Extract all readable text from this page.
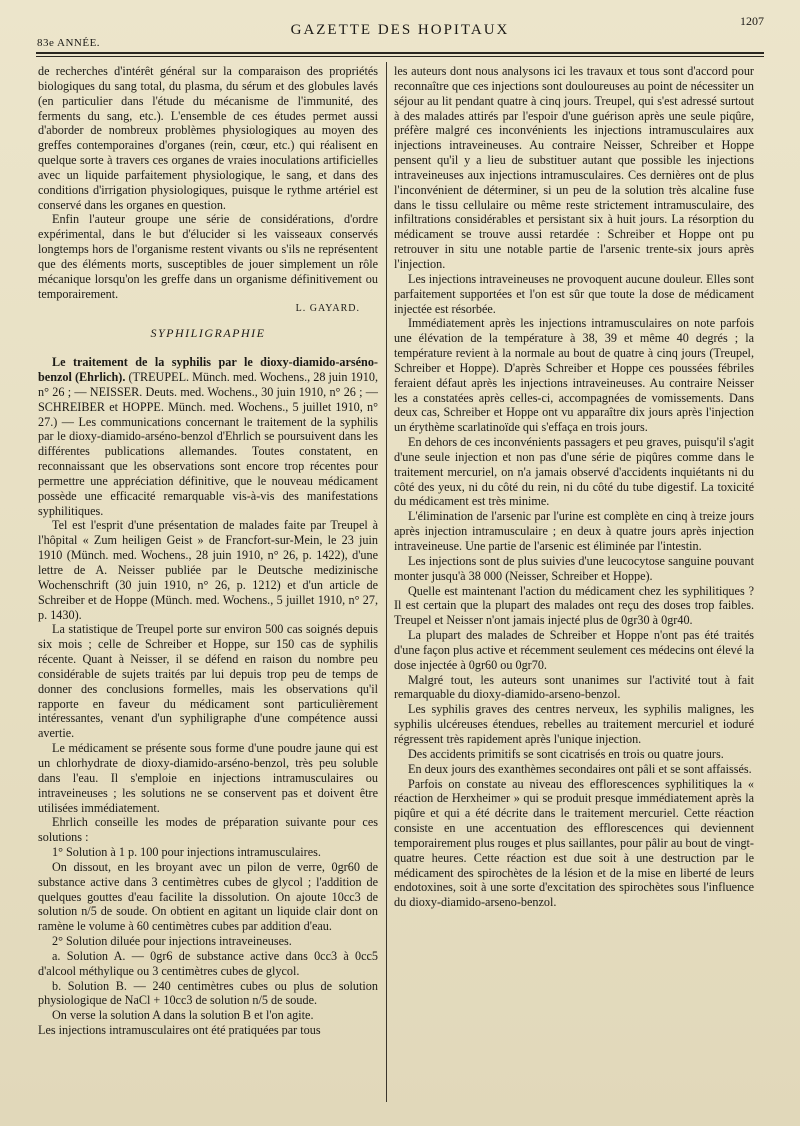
83e ANNÉE.
GAZETTE DES HOPITAUX
1207

de recherches d'intérêt général sur la comparaison des propriétés biologiques du sang total, du plasma, du sérum et des globules lavés (en particulier dans l'étude du mécanisme de l'immunité, des ferments du sang, etc.). L'ensemble de ces études permet aussi d'aborder de nombreux problèmes physiologiques au moyen des greffes contemporaines d'organes (rein, cœur, etc.) qui réalisent en quelque sorte à travers ces organes de vraies inoculations artificielles avec un liquide parfaitement physiologique, le sang, et dans des conditions d'irrigation physiologiques, puisque le rythme artériel est conservé dans les organes en question.

Enfin l'auteur groupe une série de considérations, d'ordre expérimental, dans le but d'élucider si les vaisseaux conservés longtemps hors de l'organisme restent vivants ou s'ils ne représentent que des éléments morts, susceptibles de jouer simplement un rôle mécanique lorsqu'on les greffe dans un organisme définitivement ou temporairement.

L. GAYARD.

SYPHILIGRAPHIE

Le traitement de la syphilis par le dioxy-diamido-arséno-benzol (Ehrlich). (TREUPEL. Münch. med. Wochens., 28 juin 1910, n° 26 ; — NEISSER. Deuts. med. Wochens., 30 juin 1910, n° 26 ; — SCHREIBER et HOPPE. Münch. med. Wochens., 5 juillet 1910, n° 27.) — Les communications concernant le traitement de la syphilis par le dioxy-diamido-arséno-benzol d'Ehrlich se poursuivent dans les différentes publications allemandes. Toutes constatent, en reconnaissant que les observations sont encore trop récentes pour permettre une appréciation définitive, que le nouveau médicament possède une efficacité remarquable vis-à-vis des manifestations syphilitiques.

Tel est l'esprit d'une présentation de malades faite par Treupel à l'hôpital « Zum heiligen Geist » de Francfort-sur-Mein, le 23 juin 1910 (Münch. med. Wochens., 28 juin 1910, n° 26, p. 1422), d'une lettre de A. Neisser publiée par le Deutsche medizinische Wochenschrift (30 juin 1910, n° 26, p. 1212) et d'un article de Schreiber et de Hoppe (Münch. med. Wochens., 5 juillet 1910, n° 27, p. 1430).

La statistique de Treupel porte sur environ 500 cas soignés depuis six mois ; celle de Schreiber et Hoppe, sur 150 cas de syphilis récente. Quant à Neisser, il se défend en raison du nombre peu considérable de sujets traités par lui depuis trop peu de temps de donner des conclusions formelles, mais les observations qu'il rapporte en faveur du médicament sont particulièrement intéressantes, venant d'un syphiligraphe d'une compétence aussi avertie.

Le médicament se présente sous forme d'une poudre jaune qui est un chlorhydrate de dioxy-diamido-arséno-benzol, très peu soluble dans l'eau. Il s'emploie en injections intramusculaires ou intraveineuses ; les solutions ne se conservent pas et doivent être utilisées immédiatement.

Ehrlich conseille les modes de préparation suivante pour ces solutions :

1° Solution à 1 p. 100 pour injections intramusculaires.

On dissout, en les broyant avec un pilon de verre, 0gr60 de substance active dans 3 centimètres cubes de glycol ; l'addition de quelques gouttes d'eau facilite la dissolution. On ajoute 10cc3 de solution n/5 de soude. On obtient en agitant un liquide clair dont on ramène le volume à 60 centimètres cubes par addition d'eau.

2° Solution diluée pour injections intraveineuses.

a. Solution A. — 0gr6 de substance active dans 0cc3 à 0cc5 d'alcool méthylique ou 3 centimètres cubes de glycol.

b. Solution B. — 240 centimètres cubes ou plus de solution physiologique de NaCl + 10cc3 de solution n/5 de soude.

On verse la solution A dans la solution B et l'on agite.

Les injections intramusculaires ont été pratiquées par tous

les auteurs dont nous analysons ici les travaux et tous sont d'accord pour reconnaître que ces injections sont douloureuses au point de nécessiter un séjour au lit pendant quatre à cinq jours. Treupel, qui s'est adressé surtout à des malades attirés par l'espoir d'une guérison après une seule piqûre, préfère malgré ces inconvénients les injections intramusculaires aux injections intraveineuses. Au contraire Neisser, Schreiber et Hoppe pensent qu'il y a lieu de substituer autant que possible les injections intraveineuses aux injections intramusculaires. Ces dernières ont de plus l'inconvénient de déterminer, si un peu de la solution très alcaline fuse dans le tissu cellulaire ou même reste strictement intramusculaire, des infiltrations considérables et persistant six à huit jours. La résorption du médicament se trouve aussi retardée : Schreiber et Hoppe ont pu retrouver in situ une notable partie de l'arsenic trente-six jours après l'injection.

Les injections intraveineuses ne provoquent aucune douleur. Elles sont parfaitement supportées et l'on est sûr que toute la dose de médicament injectée est résorbée.

Immédiatement après les injections intramusculaires on note parfois une élévation de la température à 38, 39 et même 40 degrés ; la température revient à la normale au bout de quatre à cinq jours (Treupel, Schreiber et Hoppe). D'après Schreiber et Hoppe ces poussées fébriles feraient défaut après les injections intraveineuses. Au contraire Neisser les a constatées après celles-ci, accompagnées de vomissements. Dans deux cas, Schreiber et Hoppe ont vu apparaître dix jours après l'injection un érythème scarlatinoïde qui s'effaça en trois jours.

En dehors de ces inconvénients passagers et peu graves, puisqu'il s'agit d'une seule injection et non pas d'une série de piqûres comme dans le traitement mercuriel, on n'a jamais observé d'accidents inquiétants ni du côté des yeux, ni du côté du rein, ni du côté du tube digestif. La toxicité du médicament est très minime.

L'élimination de l'arsenic par l'urine est complète en cinq à treize jours après injection intramusculaire ; en deux à quatre jours après injection intraveineuse. Une partie de l'arsenic est éliminée par l'intestin.

Les injections sont de plus suivies d'une leucocytose sanguine pouvant monter jusqu'à 38 000 (Neisser, Schreiber et Hoppe).

Quelle est maintenant l'action du médicament chez les syphilitiques ? Il est certain que la plupart des malades ont reçu des doses trop faibles. Treupel et Neisser n'ont jamais injecté plus de 0gr30 à 0gr40.

La plupart des malades de Schreiber et Hoppe n'ont pas été traités d'une façon plus active et récemment seulement ces médecins ont élevé la dose injectée à 0gr60 ou 0gr70.

Malgré tout, les auteurs sont unanimes sur l'activité tout à fait remarquable du dioxy-diamido-arseno-benzol.

Les syphilis graves des centres nerveux, les syphilis malignes, les syphilis ulcéreuses étendues, rebelles au traitement mercuriel et ioduré régressent très rapidement après l'unique injection.

Des accidents primitifs se sont cicatrisés en trois ou quatre jours.

En deux jours des exanthèmes secondaires ont pâli et se sont affaissés.

Parfois on constate au niveau des efflorescences syphilitiques la « réaction de Herxheimer » qui se produit presque immédiatement après la piqûre et qui a été décrite dans le traitement mercuriel. Cette réaction consiste en une accentuation des efflorescences qui deviennent temporairement plus rouges et plus saillantes, pour pâlir au bout de vingt-quatre heures. Cette réaction est due soit à une destruction par le médicament des spirochètes de la lésion et de la mise en liberté de leurs endotoxines, soit à une sorte d'excitation des spirochètes sous l'influence du dioxy-diamido-arseno-benzol.
